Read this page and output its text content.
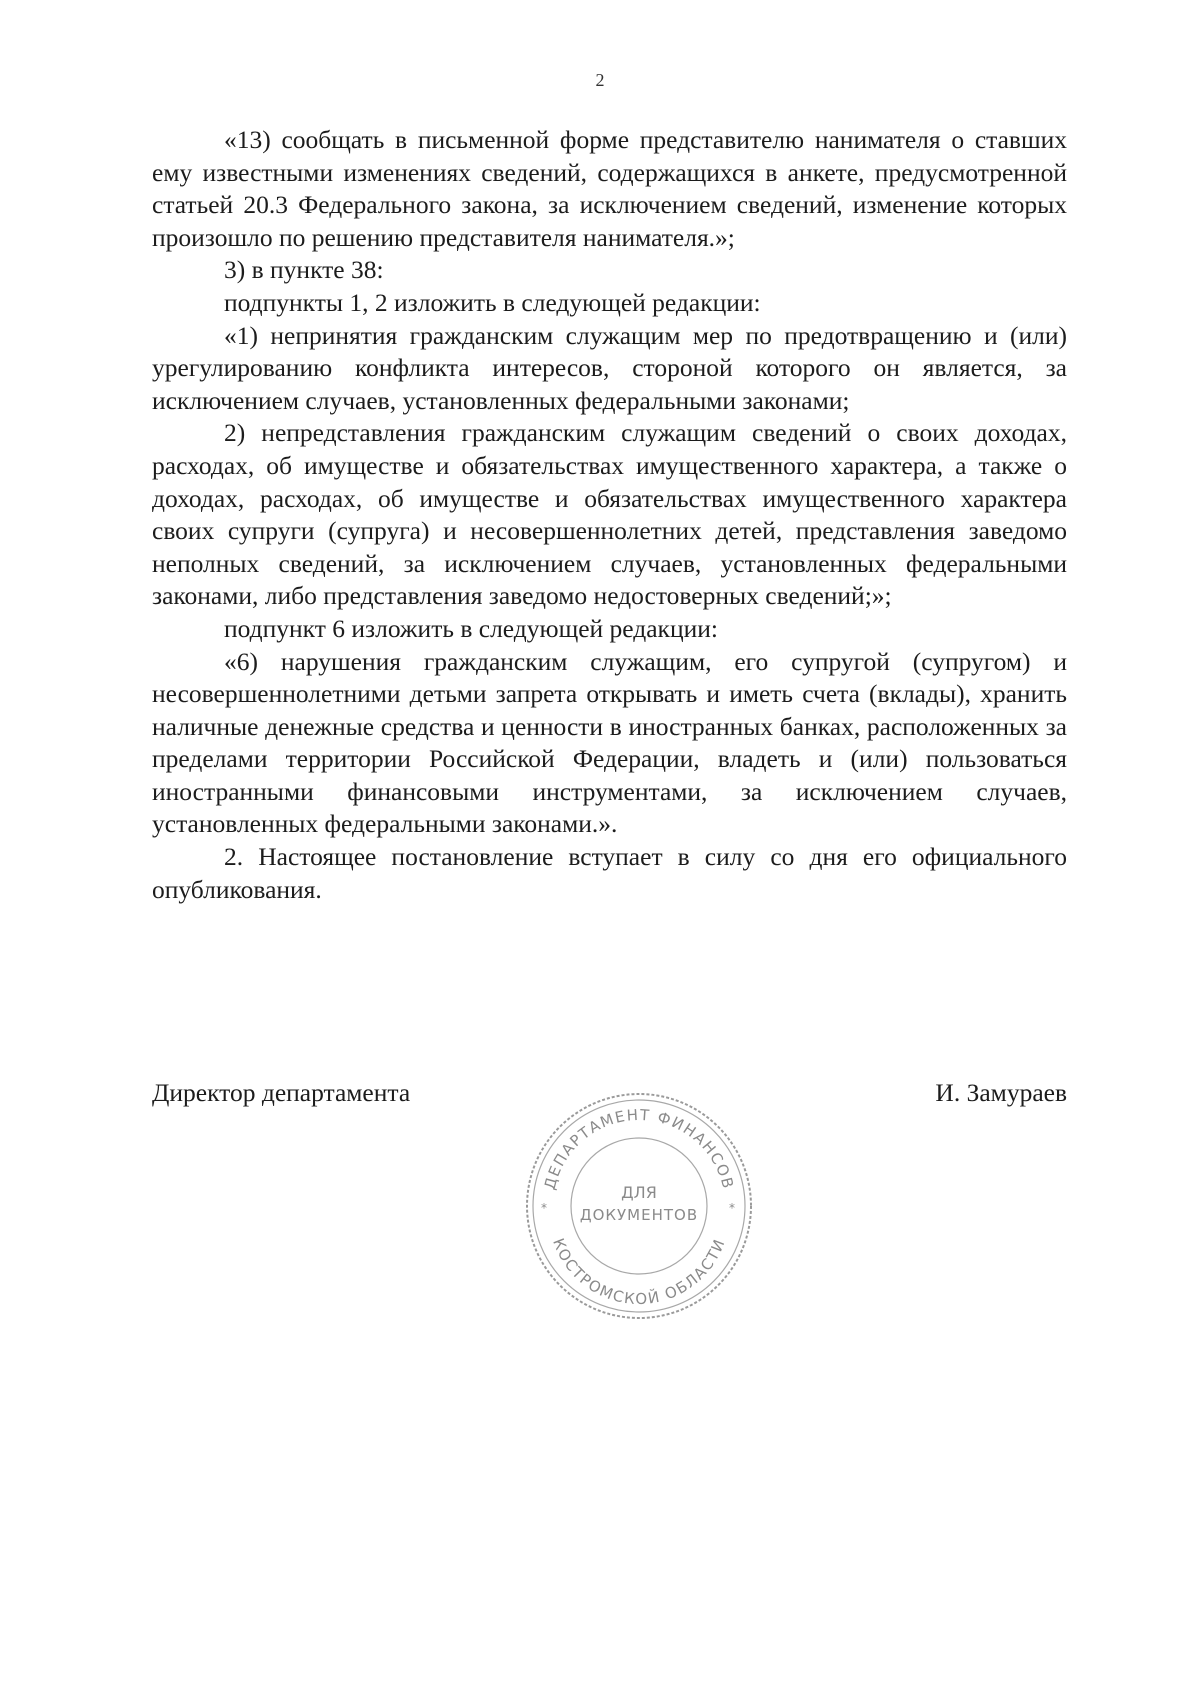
2

«13) сообщать в письменной форме представителю нанимателя о ставших ему известными изменениях сведений, содержащихся в анкете, предусмотренной статьей 20.3 Федерального закона, за исключением сведений, изменение которых произошло по решению представителя нанимателя.»;

3) в пункте 38:

подпункты 1, 2 изложить в следующей редакции:

«1) непринятия гражданским служащим мер по предотвращению и (или) урегулированию конфликта интересов, стороной которого он является, за исключением случаев, установленных федеральными законами;

2) непредставления гражданским служащим сведений о своих доходах, расходах, об имуществе и обязательствах имущественного характера, а также о доходах, расходах, об имуществе и обязательствах имущественного характера своих супруги (супруга) и несовершеннолетних детей, представления заведомо неполных сведений, за исключением случаев, установленных федеральными законами, либо представления заведомо недостоверных сведений;»;

подпункт 6 изложить в следующей редакции:

«6) нарушения гражданским служащим, его супругой (супругом) и несовершеннолетними детьми запрета открывать и иметь счета (вклады), хранить наличные денежные средства и ценности в иностранных банках, расположенных за пределами территории Российской Федерации, владеть и (или) пользоваться иностранными финансовыми инструментами, за исключением случаев, установленных федеральными законами.».

2. Настоящее постановление вступает в силу со дня его официального опубликования.

Директор департамента	И. Замураев
ДЕПАРТАМЕНТ ФИНАНСОВ
КОСТРОМСКОЙ ОБЛАСТИ
ДЛЯ
ДОКУМЕНТОВ
*	*
